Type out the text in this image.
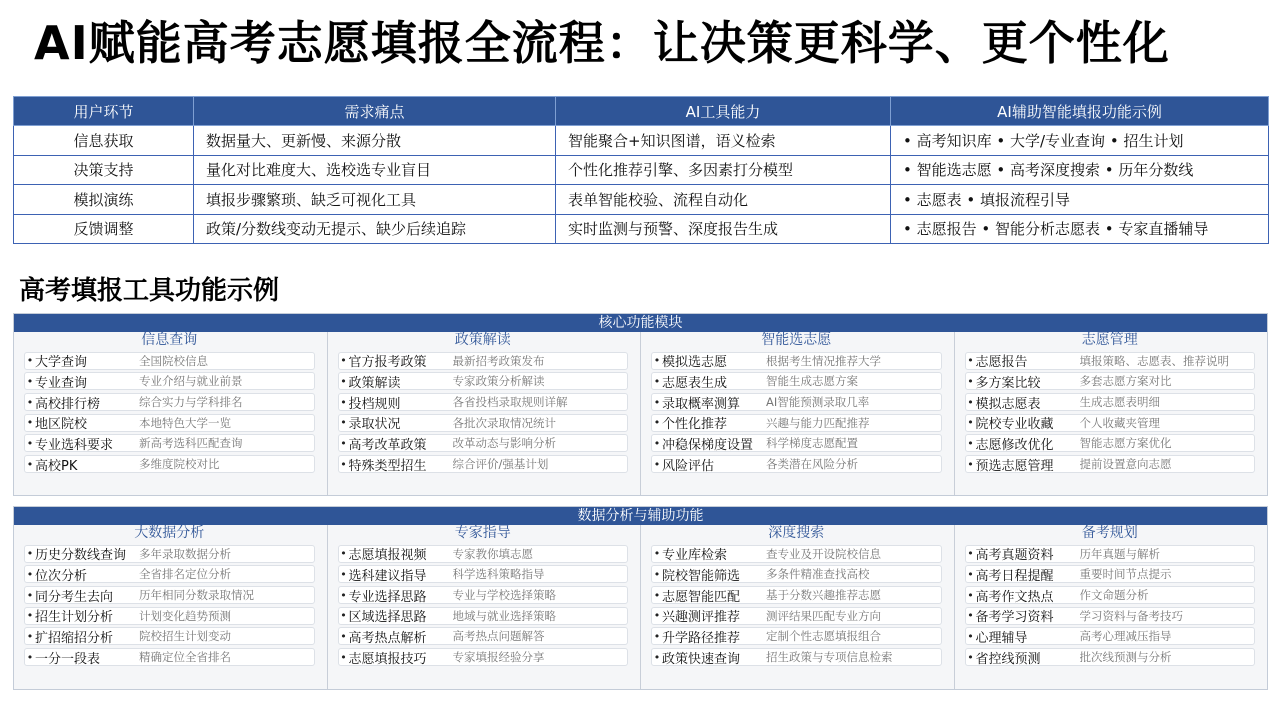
AI赋能高考志愿填报全流程：让决策更科学、更个性化
用户环节	需求痛点	AI工具能力	AI辅助智能填报功能示例
信息获取	数据量大、更新慢、来源分散	智能聚合+知识图谱，语义检索	• 高考知识库 • 大学/专业查询 • 招生计划
决策支持	量化对比难度大、选校选专业盲目	个性化推荐引擎、多因素打分模型	• 智能选志愿 • 高考深度搜索 • 历年分数线
模拟演练	填报步骤繁琐、缺乏可视化工具	表单智能校验、流程自动化	• 志愿表 • 填报流程引导
反馈调整	政策/分数线变动无提示、缺少后续追踪	实时监测与预警、深度报告生成	• 志愿报告 • 智能分析志愿表 • 专家直播辅导
高考填报工具功能示例
核心功能模块
信息查询
• 大学查询	全国院校信息
• 专业查询	专业介绍与就业前景
• 高校排行榜	综合实力与学科排名
• 地区院校	本地特色大学一览
• 专业选科要求	新高考选科匹配查询
• 高校PK	多维度院校对比
政策解读
• 官方报考政策	最新招考政策发布
• 政策解读	专家政策分析解读
• 投档规则	各省投档录取规则详解
• 录取状况	各批次录取情况统计
• 高考改革政策	改革动态与影响分析
• 特殊类型招生	综合评价/强基计划
智能选志愿
• 模拟选志愿	根据考生情况推荐大学
• 志愿表生成	智能生成志愿方案
• 录取概率测算	AI智能预测录取几率
• 个性化推荐	兴趣与能力匹配推荐
• 冲稳保梯度设置	科学梯度志愿配置
• 风险评估	各类潜在风险分析
志愿管理
• 志愿报告	填报策略、志愿表、推荐说明
• 多方案比较	多套志愿方案对比
• 模拟志愿表	生成志愿表明细
• 院校专业收藏	个人收藏夹管理
• 志愿修改优化	智能志愿方案优化
• 预选志愿管理	提前设置意向志愿
数据分析与辅助功能
大数据分析
• 历史分数线查询	多年录取数据分析
• 位次分析	全省排名定位分析
• 同分考生去向	历年相同分数录取情况
• 招生计划分析	计划变化趋势预测
• 扩招缩招分析	院校招生计划变动
• 一分一段表	精确定位全省排名
专家指导
• 志愿填报视频	专家教你填志愿
• 选科建议指导	科学选科策略指导
• 专业选择思路	专业与学校选择策略
• 区域选择思路	地域与就业选择策略
• 高考热点解析	高考热点问题解答
• 志愿填报技巧	专家填报经验分享
深度搜索
• 专业库检索	查专业及开设院校信息
• 院校智能筛选	多条件精准查找高校
• 志愿智能匹配	基于分数兴趣推荐志愿
• 兴趣测评推荐	测评结果匹配专业方向
• 升学路径推荐	定制个性志愿填报组合
• 政策快速查询	招生政策与专项信息检索
备考规划
• 高考真题资料	历年真题与解析
• 高考日程提醒	重要时间节点提示
• 高考作文热点	作文命题分析
• 备考学习资料	学习资料与备考技巧
• 心理辅导	高考心理减压指导
• 省控线预测	批次线预测与分析
